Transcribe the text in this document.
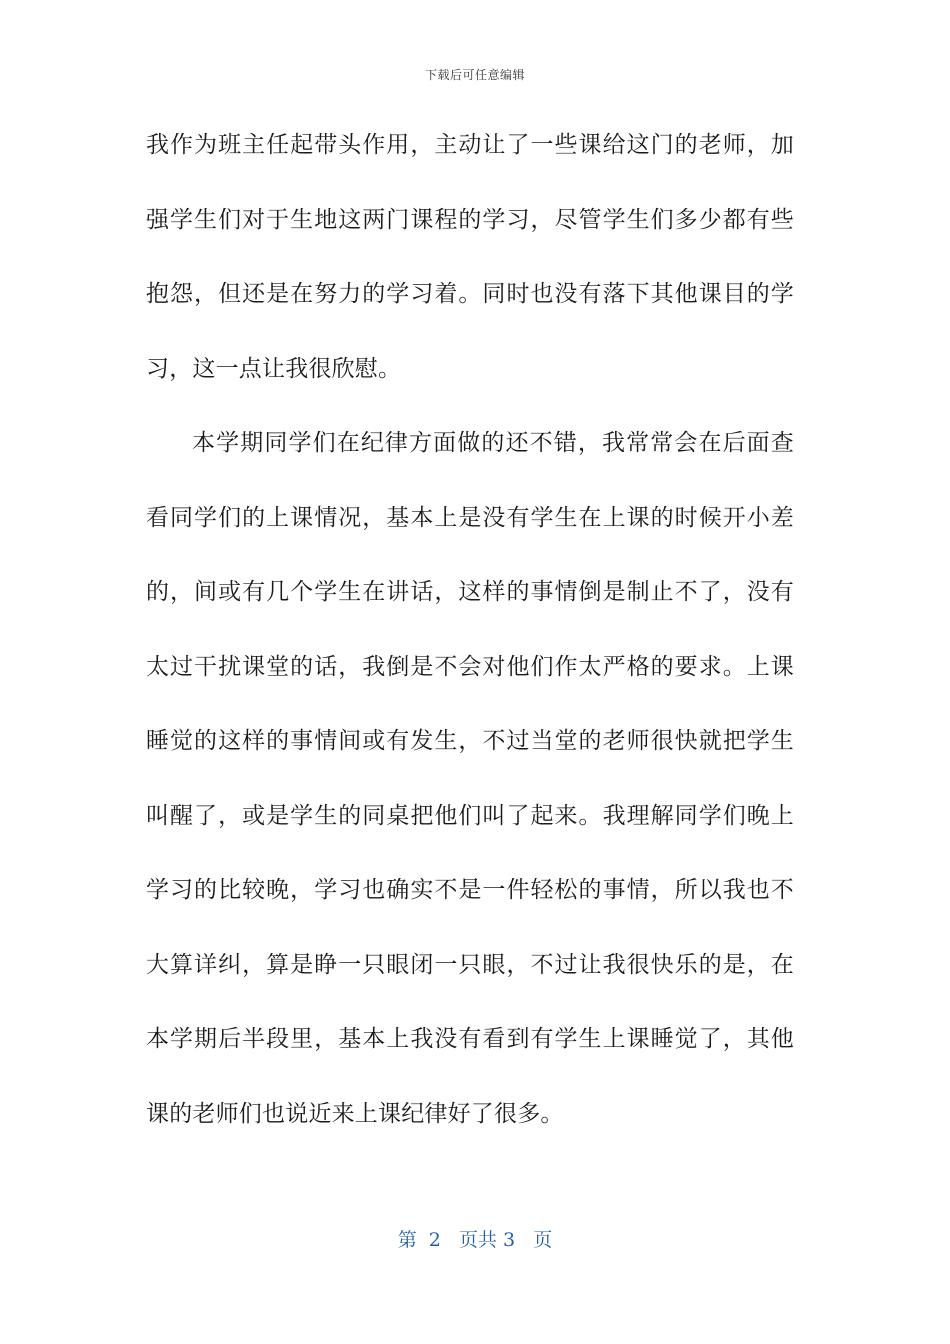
下载后可任意编辑
我作为班主任起带头作用，主动让了一些课给这门的老师，加
强学生们对于生地这两门课程的学习，尽管学生们多少都有些
抱怨，但还是在努力的学习着。同时也没有落下其他课目的学
习，这一点让我很欣慰。
本学期同学们在纪律方面做的还不错，我常常会在后面查
看同学们的上课情况，基本上是没有学生在上课的时候开小差
的，间或有几个学生在讲话，这样的事情倒是制止不了，没有
太过干扰课堂的话，我倒是不会对他们作太严格的要求。上课
睡觉的这样的事情间或有发生，不过当堂的老师很快就把学生
叫醒了，或是学生的同桌把他们叫了起来。我理解同学们晚上
学习的比较晚，学习也确实不是一件轻松的事情，所以我也不
大算详纠，算是睁一只眼闭一只眼，不过让我很快乐的是，在
本学期后半段里，基本上我没有看到有学生上课睡觉了，其他
课的老师们也说近来上课纪律好了很多。
第  2   页共 3   页
